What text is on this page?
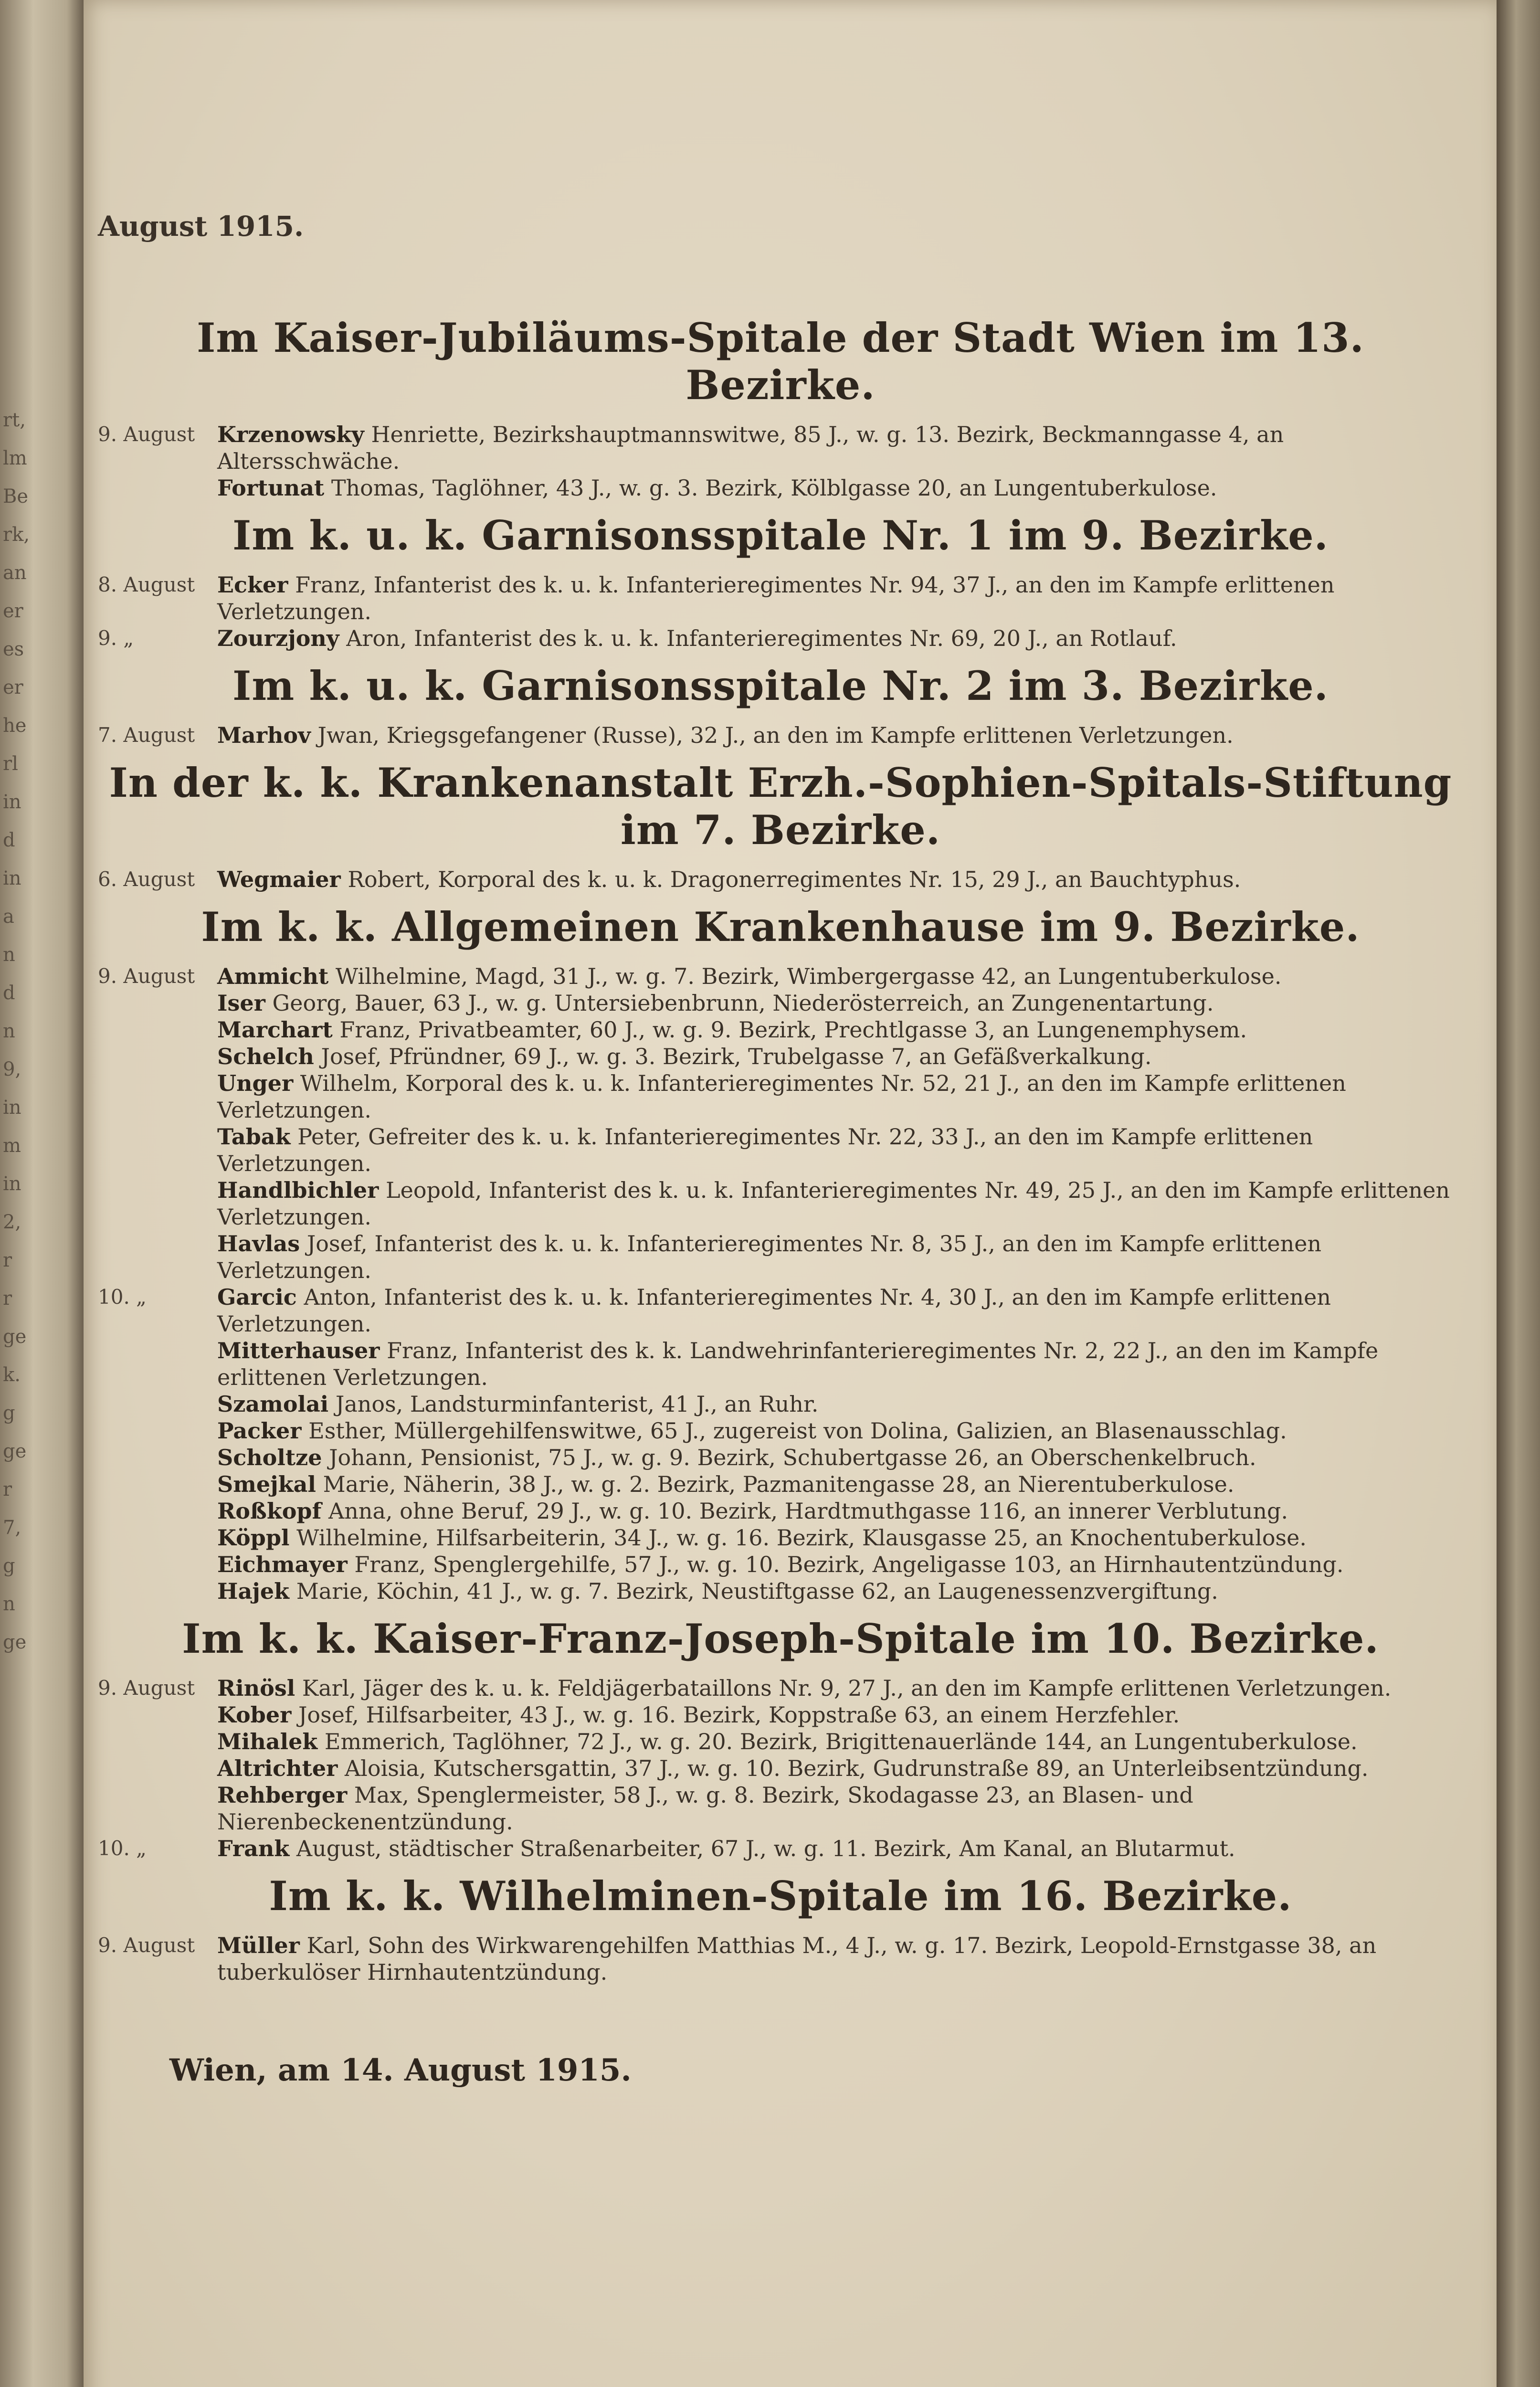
rt,
lm
Be
rk,
an
er
es
er
he
rl
in
d
in
a
n
d
n
9,
in
m
in
2,
r
r
ge
k.
g
ge
r
7,
g
n
ge
August 1915.
Im Kaiser-Jubiläums-Spitale der Stadt Wien im 13. Bezirke.
9. August	Krzenowsky Henriette, Bezirkshauptmannswitwe, 85 J., w. g. 13. Bezirk, Beckmanngasse 4, an Altersschwäche.
Fortunat Thomas, Taglöhner, 43 J., w. g. 3. Bezirk, Kölblgasse 20, an Lungentuberkulose.
Im k. u. k. Garnisonsspitale Nr. 1 im 9. Bezirke.
8. August	Ecker Franz, Infanterist des k. u. k. Infanterieregimentes Nr. 94, 37 J., an den im Kampfe erlittenen Verletzungen.
9. „	Zourzjony Aron, Infanterist des k. u. k. Infanterieregimentes Nr. 69, 20 J., an Rotlauf.
Im k. u. k. Garnisonsspitale Nr. 2 im 3. Bezirke.
7. August	Marhov Jwan, Kriegsgefangener (Russe), 32 J., an den im Kampfe erlittenen Verletzungen.
In der k. k. Krankenanstalt Erzh.-Sophien-Spitals-Stiftung im 7. Bezirke.
6. August	Wegmaier Robert, Korporal des k. u. k. Dragonerregimentes Nr. 15, 29 J., an Bauchtyphus.
Im k. k. Allgemeinen Krankenhause im 9. Bezirke.
9. August	Ammicht Wilhelmine, Magd, 31 J., w. g. 7. Bezirk, Wimbergergasse 42, an Lungentuberkulose.
Iser Georg, Bauer, 63 J., w. g. Untersiebenbrunn, Niederösterreich, an Zungenentartung.
Marchart Franz, Privatbeamter, 60 J., w. g. 9. Bezirk, Prechtlgasse 3, an Lungenemphysem.
Schelch Josef, Pfründner, 69 J., w. g. 3. Bezirk, Trubelgasse 7, an Gefäßverkalkung.
Unger Wilhelm, Korporal des k. u. k. Infanterieregimentes Nr. 52, 21 J., an den im Kampfe erlittenen Verletzungen.
Tabak Peter, Gefreiter des k. u. k. Infanterieregimentes Nr. 22, 33 J., an den im Kampfe erlittenen Verletzungen.
Handlbichler Leopold, Infanterist des k. u. k. Infanterieregimentes Nr. 49, 25 J., an den im Kampfe erlittenen Verletzungen.
Havlas Josef, Infanterist des k. u. k. Infanterieregimentes Nr. 8, 35 J., an den im Kampfe erlittenen Verletzungen.
10. „	Garcic Anton, Infanterist des k. u. k. Infanterieregimentes Nr. 4, 30 J., an den im Kampfe erlittenen Verletzungen.
Mitterhauser Franz, Infanterist des k. k. Landwehrinfanterieregimentes Nr. 2, 22 J., an den im Kampfe erlittenen Verletzungen.
Szamolai Janos, Landsturminfanterist, 41 J., an Ruhr.
Packer Esther, Müllergehilfenswitwe, 65 J., zugereist von Dolina, Galizien, an Blasenausschlag.
Scholtze Johann, Pensionist, 75 J., w. g. 9. Bezirk, Schubertgasse 26, an Oberschenkelbruch.
Smejkal Marie, Näherin, 38 J., w. g. 2. Bezirk, Pazmanitengasse 28, an Nierentuberkulose.
Roßkopf Anna, ohne Beruf, 29 J., w. g. 10. Bezirk, Hardtmuthgasse 116, an innerer Verblutung.
Köppl Wilhelmine, Hilfsarbeiterin, 34 J., w. g. 16. Bezirk, Klausgasse 25, an Knochentuberkulose.
Eichmayer Franz, Spenglergehilfe, 57 J., w. g. 10. Bezirk, Angeligasse 103, an Hirnhautentzündung.
Hajek Marie, Köchin, 41 J., w. g. 7. Bezirk, Neustiftgasse 62, an Laugenessenzvergiftung.
Im k. k. Kaiser-Franz-Joseph-Spitale im 10. Bezirke.
9. August	Rinösl Karl, Jäger des k. u. k. Feldjägerbataillons Nr. 9, 27 J., an den im Kampfe erlittenen Verletzungen.
Kober Josef, Hilfsarbeiter, 43 J., w. g. 16. Bezirk, Koppstraße 63, an einem Herzfehler.
Mihalek Emmerich, Taglöhner, 72 J., w. g. 20. Bezirk, Brigittenauerlände 144, an Lungentuberkulose.
Altrichter Aloisia, Kutschersgattin, 37 J., w. g. 10. Bezirk, Gudrunstraße 89, an Unterleibsentzündung.
Rehberger Max, Spenglermeister, 58 J., w. g. 8. Bezirk, Skodagasse 23, an Blasen- und Nierenbeckenentzündung.
10. „	Frank August, städtischer Straßenarbeiter, 67 J., w. g. 11. Bezirk, Am Kanal, an Blutarmut.
Im k. k. Wilhelminen-Spitale im 16. Bezirke.
9. August	Müller Karl, Sohn des Wirkwarengehilfen Matthias M., 4 J., w. g. 17. Bezirk, Leopold-Ernstgasse 38, an tuberkulöser Hirnhautentzündung.
Wien, am 14. August 1915.
